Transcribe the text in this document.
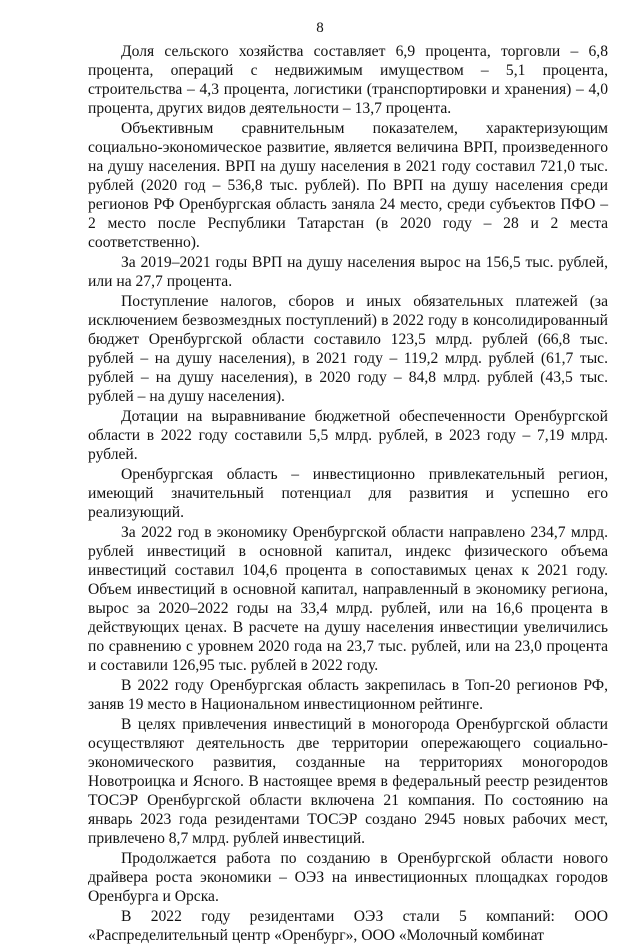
8

Доля сельского хозяйства составляет 6,9 процента, торговли – 6,8 процента, операций с недвижимым имуществом – 5,1 процента, строительства – 4,3 процента, логистики (транспортировки и хранения) – 4,0 процента, других видов деятельности – 13,7 процента.

Объективным сравнительным показателем, характеризующим социально-экономическое развитие, является величина ВРП, произведенного на душу населения. ВРП на душу населения в 2021 году составил 721,0 тыс. рублей (2020 год – 536,8 тыс. рублей). По ВРП на душу населения среди регионов РФ Оренбургская область заняла 24 место, среди субъектов ПФО – 2 место после Республики Татарстан (в 2020 году – 28 и 2 места соответственно).

За 2019–2021 годы ВРП на душу населения вырос на 156,5 тыс. рублей, или на 27,7 процента.

Поступление налогов, сборов и иных обязательных платежей (за исключением безвозмездных поступлений) в 2022 году в консолидированный бюджет Оренбургской области составило 123,5 млрд. рублей (66,8 тыс. рублей – на душу населения), в 2021 году – 119,2 млрд. рублей (61,7 тыс. рублей – на душу населения), в 2020 году – 84,8 млрд. рублей (43,5 тыс. рублей – на душу населения).

Дотации на выравнивание бюджетной обеспеченности Оренбургской области в 2022 году составили 5,5 млрд. рублей, в 2023 году – 7,19 млрд. рублей.

Оренбургская область – инвестиционно привлекательный регион, имеющий значительный потенциал для развития и успешно его реализующий.

За 2022 год в экономику Оренбургской области направлено 234,7 млрд. рублей инвестиций в основной капитал, индекс физического объема инвестиций составил 104,6 процента в сопоставимых ценах к 2021 году. Объем инвестиций в основной капитал, направленный в экономику региона, вырос за 2020–2022 годы на 33,4 млрд. рублей, или на 16,6 процента в действующих ценах. В расчете на душу населения инвестиции увеличились по сравнению с уровнем 2020 года на 23,7 тыс. рублей, или на 23,0 процента и составили 126,95 тыс. рублей в 2022 году.

В 2022 году Оренбургская область закрепилась в Топ-20 регионов РФ, заняв 19 место в Национальном инвестиционном рейтинге.

В целях привлечения инвестиций в моногорода Оренбургской области осуществляют деятельность две территории опережающего социально-экономического развития, созданные на территориях моногородов Новотроицка и Ясного. В настоящее время в федеральный реестр резидентов ТОСЭР Оренбургской области включена 21 компания. По состоянию на январь 2023 года резидентами ТОСЭР создано 2945 новых рабочих мест, привлечено 8,7 млрд. рублей инвестиций.

Продолжается работа по созданию в Оренбургской области нового драйвера роста экономики – ОЭЗ на инвестиционных площадках городов Оренбурга и Орска.

В 2022 году резидентами ОЭЗ стали 5 компаний: ООО «Распределительный центр «Оренбург», ООО «Молочный комбинат
